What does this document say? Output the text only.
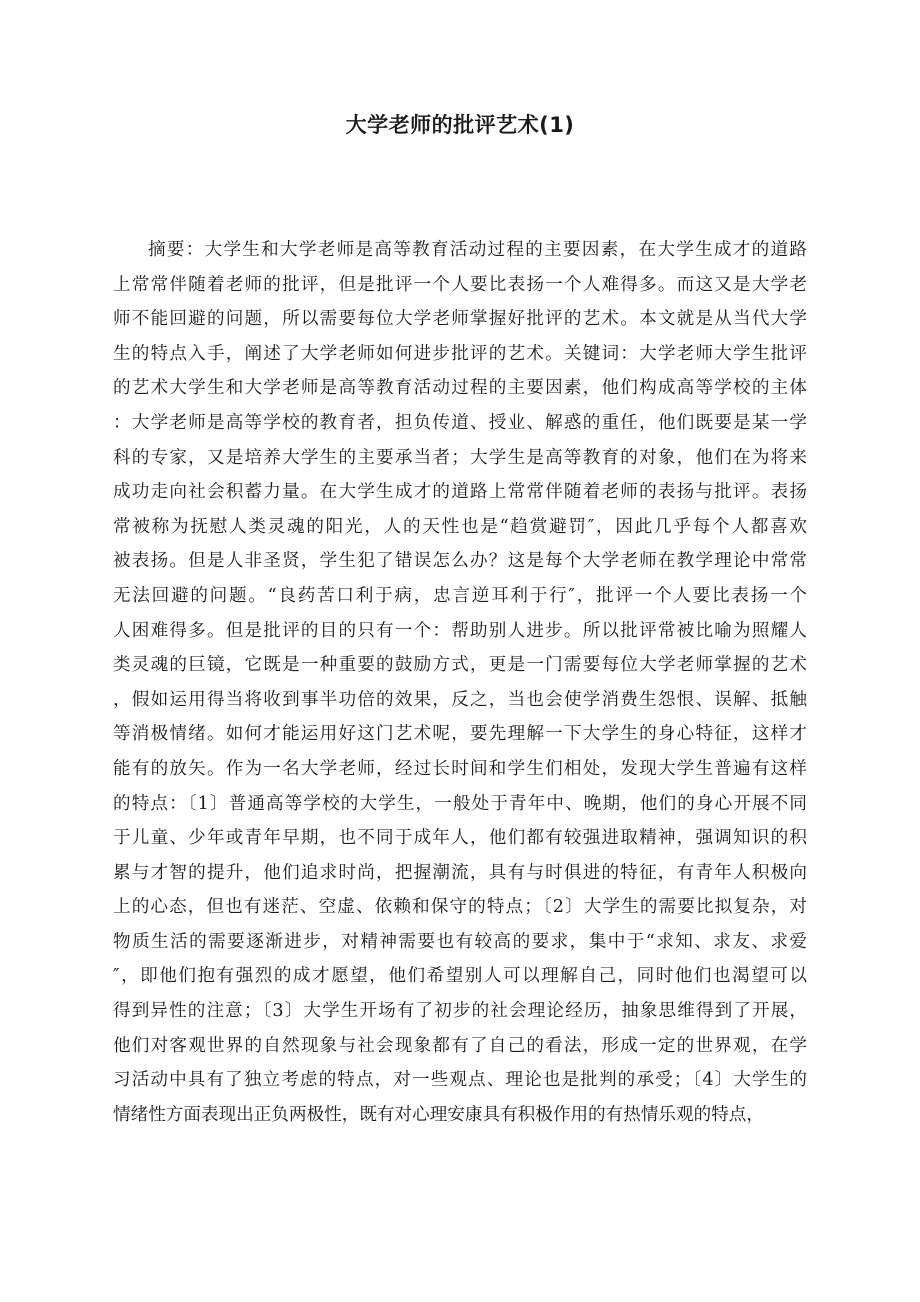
大学老师的批评艺术(1)
摘要：大学生和大学老师是高等教育活动过程的主要因素，在大学生成才的道路
上常常伴随着老师的批评，但是批评一个人要比表扬一个人难得多。而这又是大学老
师不能回避的问题，所以需要每位大学老师掌握好批评的艺术。本文就是从当代大学
生的特点入手，阐述了大学老师如何进步批评的艺术。关键词：大学老师大学生批评
的艺术大学生和大学老师是高等教育活动过程的主要因素，他们构成高等学校的主体
：大学老师是高等学校的教育者，担负传道、授业、解惑的重任，他们既要是某一学
科的专家，又是培养大学生的主要承当者；大学生是高等教育的对象，他们在为将来
成功走向社会积蓄力量。在大学生成才的道路上常常伴随着老师的表扬与批评。表扬
常被称为抚慰人类灵魂的阳光，人的天性也是“趋赏避罚″，因此几乎每个人都喜欢
被表扬。但是人非圣贤，学生犯了错误怎么办？这是每个大学老师在教学理论中常常
无法回避的问题。“良药苦口利于病，忠言逆耳利于行″，批评一个人要比表扬一个
人困难得多。但是批评的目的只有一个：帮助别人进步。所以批评常被比喻为照耀人
类灵魂的巨镜，它既是一种重要的鼓励方式，更是一门需要每位大学老师掌握的艺术
，假如运用得当将收到事半功倍的效果，反之，当也会使学消费生怨恨、误解、抵触
等消极情绪。如何才能运用好这门艺术呢，要先理解一下大学生的身心特征，这样才
能有的放矢。作为一名大学老师，经过长时间和学生们相处，发现大学生普遍有这样
的特点：〔1〕普通高等学校的大学生，一般处于青年中、晚期，他们的身心开展不同
于儿童、少年或青年早期，也不同于成年人，他们都有较强进取精神，强调知识的积
累与才智的提升，他们追求时尚，把握潮流，具有与时俱进的特征，有青年人积极向
上的心态，但也有迷茫、空虚、依赖和保守的特点；〔2〕大学生的需要比拟复杂，对
物质生活的需要逐渐进步，对精神需要也有较高的要求，集中于“求知、求友、求爱
″，即他们抱有强烈的成才愿望，他们希望别人可以理解自己，同时他们也渴望可以
得到异性的注意；〔3〕大学生开场有了初步的社会理论经历，抽象思维得到了开展，
他们对客观世界的自然现象与社会现象都有了自己的看法，形成一定的世界观，在学
习活动中具有了独立考虑的特点，对一些观点、理论也是批判的承受；〔4〕大学生的
情绪性方面表现出正负两极性，既有对心理安康具有积极作用的有热情乐观的特点，
